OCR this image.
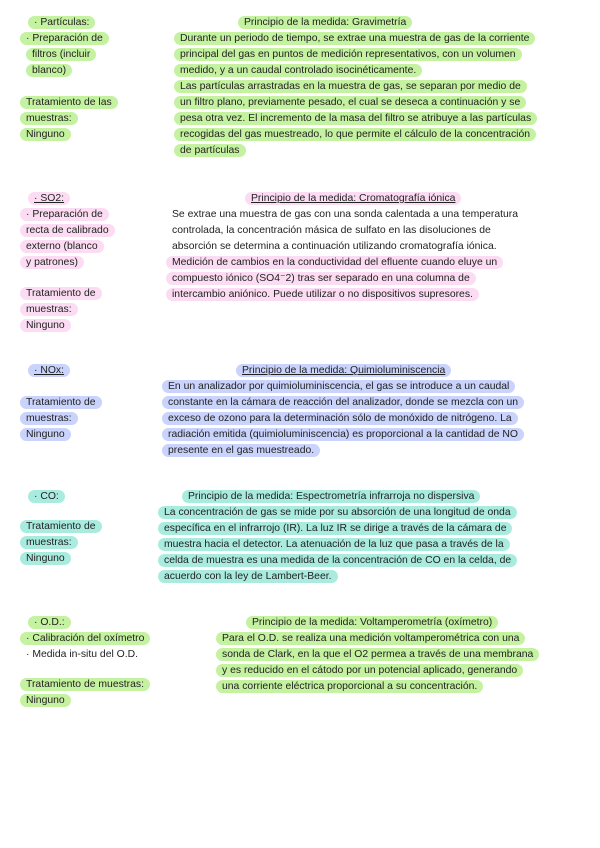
· Partículas:
· Preparación de
filtros (incluir
blanco)
Tratamiento de las
muestras:
Ninguno
Principio de la medida: Gravimetría
Durante un periodo de tiempo, se extrae una muestra de gas de la corriente
principal del gas en puntos de medición representativos, con un volumen
medido, y a un caudal controlado isocinéticamente.
Las partículas arrastradas en la muestra de gas, se separan por medio de
un filtro plano, previamente pesado, el cual se deseca a continuación y se
pesa otra vez. El incremento de la masa del filtro se atribuye a las partículas
recogidas del gas muestreado, lo que permite el cálculo de la concentración
de partículas
· SO2:
· Preparación de
recta de calibrado
externo (blanco
y patrones)
Tratamiento de
muestras:
Ninguno
Principio de la medida: Cromatografía iónica
Se extrae una muestra de gas con una sonda calentada a una temperatura
controlada, la concentración másica de sulfato en las disoluciones de
absorción se determina a continuación utilizando cromatografía iónica.
Medición de cambios en la conductividad del efluente cuando eluye un
compuesto iónico (SO4⁻2) tras ser separado en una columna de
intercambio aniónico. Puede utilizar o no dispositivos supresores.
· NOx:
Tratamiento de
muestras:
Ninguno
Principio de la medida: Quimioluminiscencia
En un analizador por quimioluminiscencia, el gas se introduce a un caudal
constante en la cámara de reacción del analizador, donde se mezcla con un
exceso de ozono para la determinación sólo de monóxido de nitrógeno. La
radiación emitida (quimioluminiscencia) es proporcional a la cantidad de NO
presente en el gas muestreado.
· CO:
Tratamiento de
muestras:
Ninguno
Principio de la medida: Espectrometría infrarroja no dispersiva
La concentración de gas se mide por su absorción de una longitud de onda
específica en el infrarrojo (IR). La luz IR se dirige a través de la cámara de
muestra hacia el detector. La atenuación de la luz que pasa a través de la
celda de muestra es una medida de la concentración de CO en la celda, de
acuerdo con la ley de Lambert-Beer.
· O.D.:
· Calibración del oxímetro
· Medida in-situ del O.D.
Tratamiento de muestras:
Ninguno
Principio de la medida: Voltamperometría (oxímetro)
Para el O.D. se realiza una medición voltamperométrica con una
sonda de Clark, en la que el O2 permea a través de una membrana
y es reducido en el cátodo por un potencial aplicado, generando
una corriente eléctrica proporcional a su concentración.
